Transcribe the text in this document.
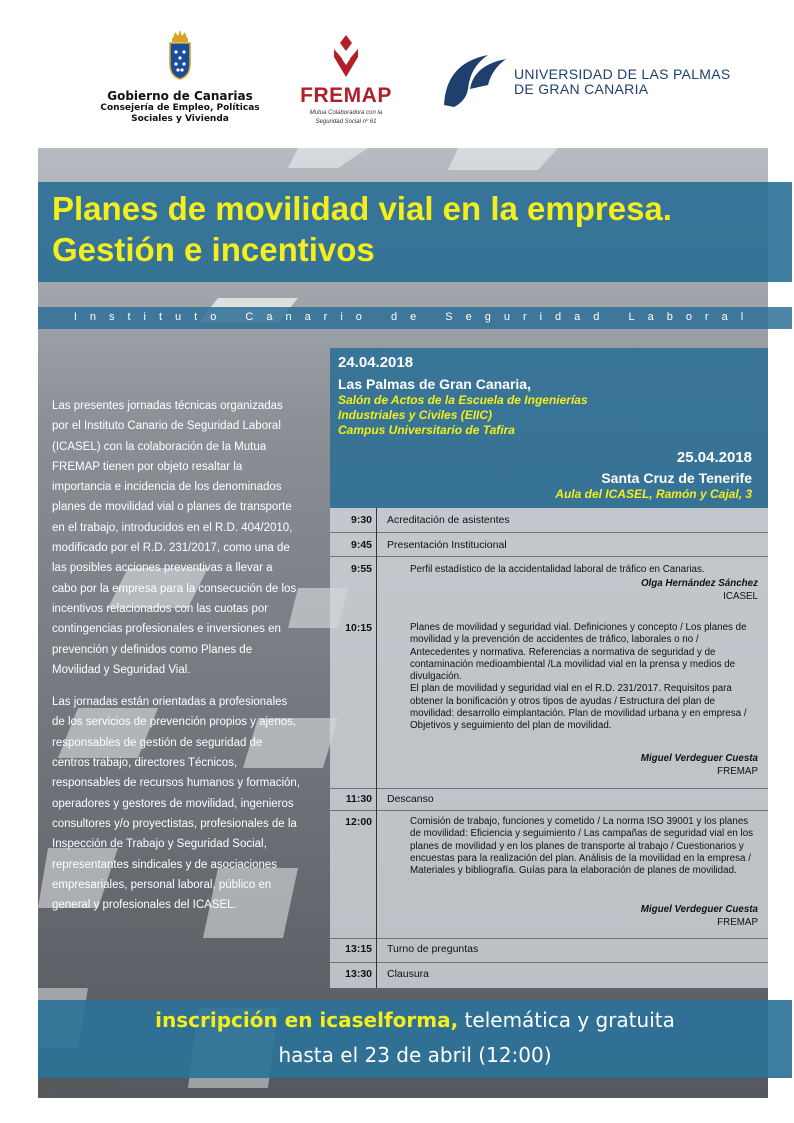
Gobierno de Canarias
Consejería de Empleo, Políticas
Sociales y Vivienda
FREMAP
Mutua Colaboradora con la
Seguridad Social nº 61
UNIVERSIDAD DE LAS PALMAS
DE GRAN CANARIA
Planes de movilidad vial en la empresa.
Gestión e incentivos
Instituto Canario de Seguridad Laboral

Las presentes jornadas técnicas organizadas por el Instituto Canario de Seguridad Laboral (ICASEL) con la colaboración de la Mutua FREMAP tienen por objeto resaltar la importancia e incidencia de los denominados planes de movilidad vial o planes de transporte en el trabajo, introducidos en el R.D. 404/2010, modificado por el R.D. 231/2017, como una de las posibles acciones preventivas a llevar a cabo por la empresa para la consecución de los incentivos relacionados con las cuotas por contingencias profesionales e inversiones en prevención y definidos como Planes de Movilidad y Seguridad Vial.

Las jornadas están orientadas a profesionales de los servicios de prevención propios y ajenos, responsables de gestión de seguridad de centros trabajo, directores Técnicos, responsables de recursos humanos y formación, operadores y gestores de movilidad, ingenieros consultores y/o proyectistas, profesionales de la Inspección de Trabajo y Seguridad Social, representantes sindicales y de asociaciones empresariales, personal laboral, público en general y profesionales del ICASEL.

24.04.2018
Las Palmas de Gran Canaria,
Salón de Actos de la Escuela de Ingenierías
Industriales y Civiles (EIIC)
Campus Universitario de Tafira
25.04.2018
Santa Cruz de Tenerife
Aula del ICASEL, Ramón y Cajal, 3
9:30 Acreditación de asistentes
9:45 Presentación Institucional
9:55	Perfil estadístico de la accidentalidad laboral de tráfico en Canarias.
Olga Hernández Sánchez
ICASEL
10:15	Planes de movilidad y seguridad vial. Definiciones y concepto / Los planes de movilidad y la prevención de accidentes de tráfico, laborales o no / Antecedentes y normativa. Referencias a normativa de seguridad y de contaminación medioambiental /La movilidad vial en la prensa y medios de divulgación.

El plan de movilidad y seguridad vial en el R.D. 231/2017. Requisitos para obtener la bonificación y otros tipos de ayudas / Estructura del plan de movilidad: desarrollo eimplantación. Plan de movilidad urbana y en empresa / Objetivos y seguimiento del plan de movilidad.

Miguel Verdeguer Cuesta
FREMAP
11:30 Descanso
12:00	Comisión de trabajo, funciones y cometido / La norma ISO 39001 y los planes de movilidad: Eficiencia y seguimiento / Las campañas de seguridad vial en los planes de movilidad y en los planes de transporte al trabajo / Cuestionarios y encuestas para la realización del plan. Análisis de la movilidad en la empresa / Materiales y bibliografía. Guías para la elaboración de planes de movilidad.
Miguel Verdeguer Cuesta
FREMAP
13:15 Turno de preguntas
13:30 Clausura
inscripción en icaselforma, telemática y gratuita
hasta el 23 de abril (12:00)
mañguerol (Berlín 2013)
